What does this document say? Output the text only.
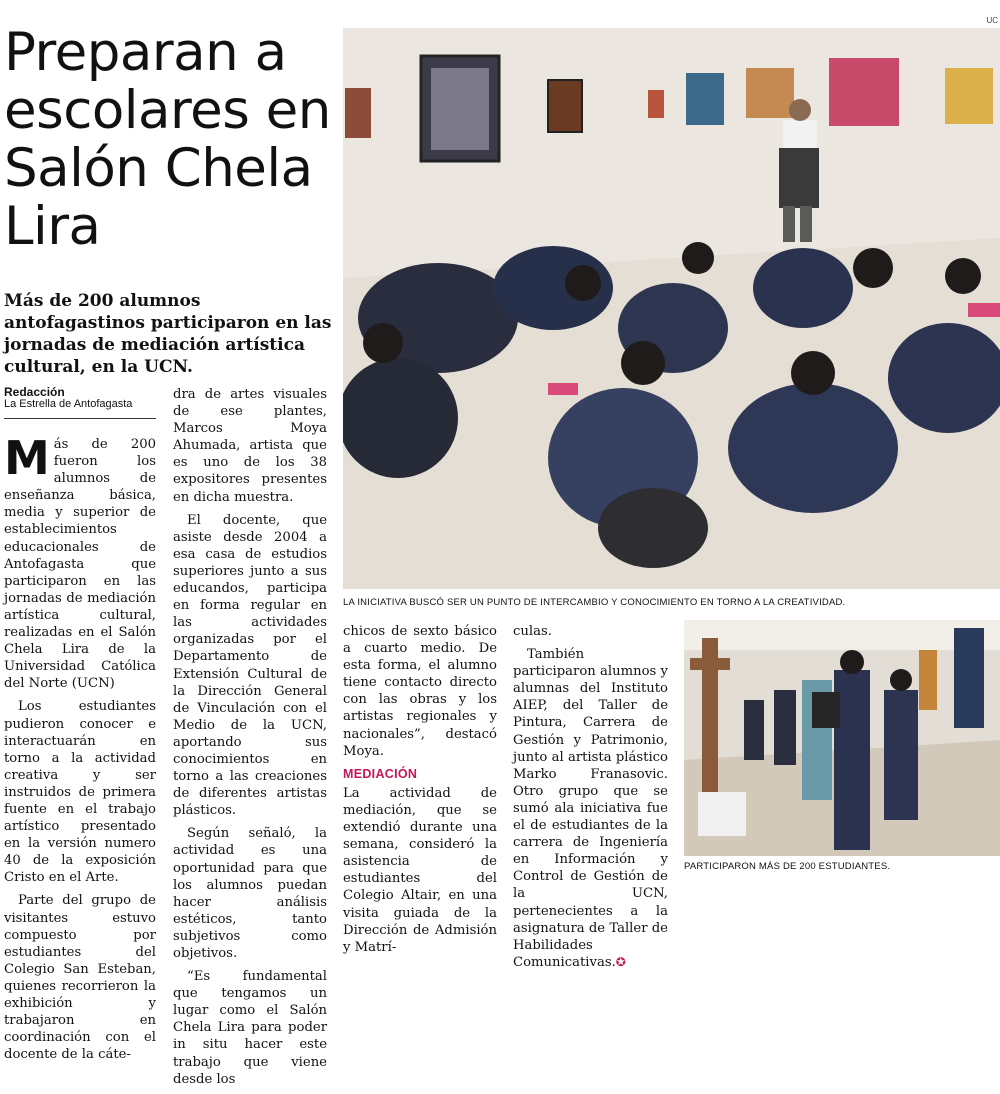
UC
Preparan a escolares en Salón Chela Lira

Más de 200 alumnos antofagastinos participaron en las jornadas de mediación artística cultural, en la UCN.

Redacción
La Estrella de Antofagasta

Más de 200 fueron los alumnos de enseñanza básica, media y superior de establecimientos educacionales de Antofagasta que participaron en las jornadas de mediación artística cultural, realizadas en el Salón Chela Lira de la Universidad Católica del Norte (UCN)

Los estudiantes pudieron conocer e interactuarán en torno a la actividad creativa y ser instruidos de primera fuente en el trabajo artístico presentado en la versión numero 40 de la exposición Cristo en el Arte.

Parte del grupo de visitantes estuvo compuesto por estudiantes del Colegio San Esteban, quienes recorrieron la exhibición y trabajaron en coordinación con el docente de la cáte-

dra de artes visuales de ese plantes, Marcos Moya Ahumada, artista que es uno de los 38 expositores presentes en dicha muestra.

El docente, que asiste desde 2004 a esa casa de estudios superiores junto a sus educandos, participa en forma regular en las actividades organizadas por el Departamento de Extensión Cultural de la Dirección General de Vinculación con el Medio de la UCN, aportando sus conocimientos en torno a las creaciones de diferentes artistas plásticos.

Según señaló, la actividad es una oportunidad para que los alumnos puedan hacer análisis estéticos, tanto subjetivos como objetivos.

“Es fundamental que tengamos un lugar como el Salón Chela Lira para poder in situ hacer este trabajo que viene desde los

LA INICIATIVA BUSCÓ SER UN PUNTO DE INTERCAMBIO Y CONOCIMIENTO EN TORNO A LA CREATIVIDAD.

chicos de sexto básico a cuarto medio. De esta forma, el alumno tiene contacto directo con las obras y los artistas regionales y nacionales”, destacó Moya.

MEDIACIÓN

La actividad de mediación, que se extendió durante una semana, consideró la asistencia de estudiantes del Colegio Altair, en una visita guiada de la Dirección de Admisión y Matrí-

culas.

También participaron alumnos y alumnas del Instituto AIEP, del Taller de Pintura, Carrera de Gestión y Patrimonio, junto al artista plástico Marko Franasovic. Otro grupo que se sumó ala iniciativa fue el de estudiantes de la carrera de Ingeniería en Información y Control de Gestión de la UCN, pertenecientes a la asignatura de Taller de Habilidades Comunicativas.✪

PARTICIPARON MÁS DE 200 ESTUDIANTES.
